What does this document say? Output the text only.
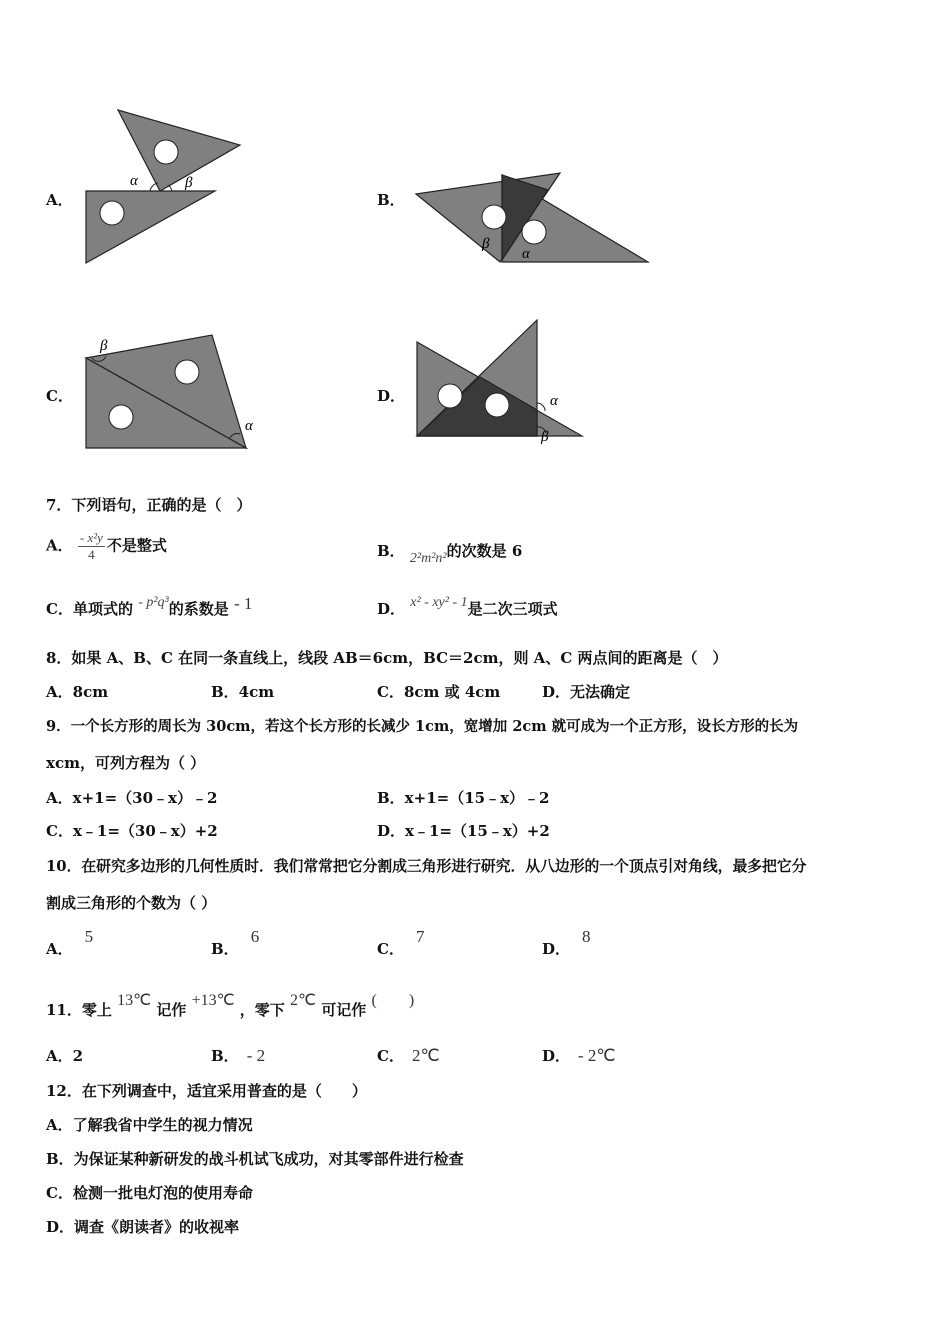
A．
α	β
B．
β
α
C．
β
α
D．	α
β
7．下列语句，正确的是（　）
A． $\frac{\text{- x²y}}{4}$ 不是整式	B． 2²m²n²的次数是 6
C．单项式的 - p²q³的系数是 - 1	D． x² - xy² - 1是二次三项式
8．如果 A、B、C 在同一条直线上，线段 AB＝6cm，BC＝2cm，则 A、C 两点间的距离是（　）
A．8cm	B．4cm	C．8cm 或 4cm	D．无法确定
9．一个长方形的周长为 30cm，若这个长方形的长减少 1cm，宽增加 2cm 就可成为一个正方形，设长方形的长为
xcm，可列方程为（ ）
A．x+1=（30﹣x）﹣2	B．x+1=（15﹣x）﹣2
C．x﹣1=（30﹣x）+2	D．x﹣1=（15﹣x）+2
10．在研究多边形的几何性质时．我们常常把它分割成三角形进行研究．从八边形的一个顶点引对角线，最多把它分
割成三角形的个数为（ ）
A．5
B．6
C．7
D．8
11．零上 13℃ 记作 +13℃ ，零下 2℃ 可记作 (　　)
A．2	B． - 2	C． 2℃	D． - 2℃
12．在下列调查中，适宜采用普查的是（　　）
A．了解我省中学生的视力情况
B．为保证某种新研发的战斗机试飞成功，对其零部件进行检查
C．检测一批电灯泡的使用寿命
D．调查《朗读者》的收视率
